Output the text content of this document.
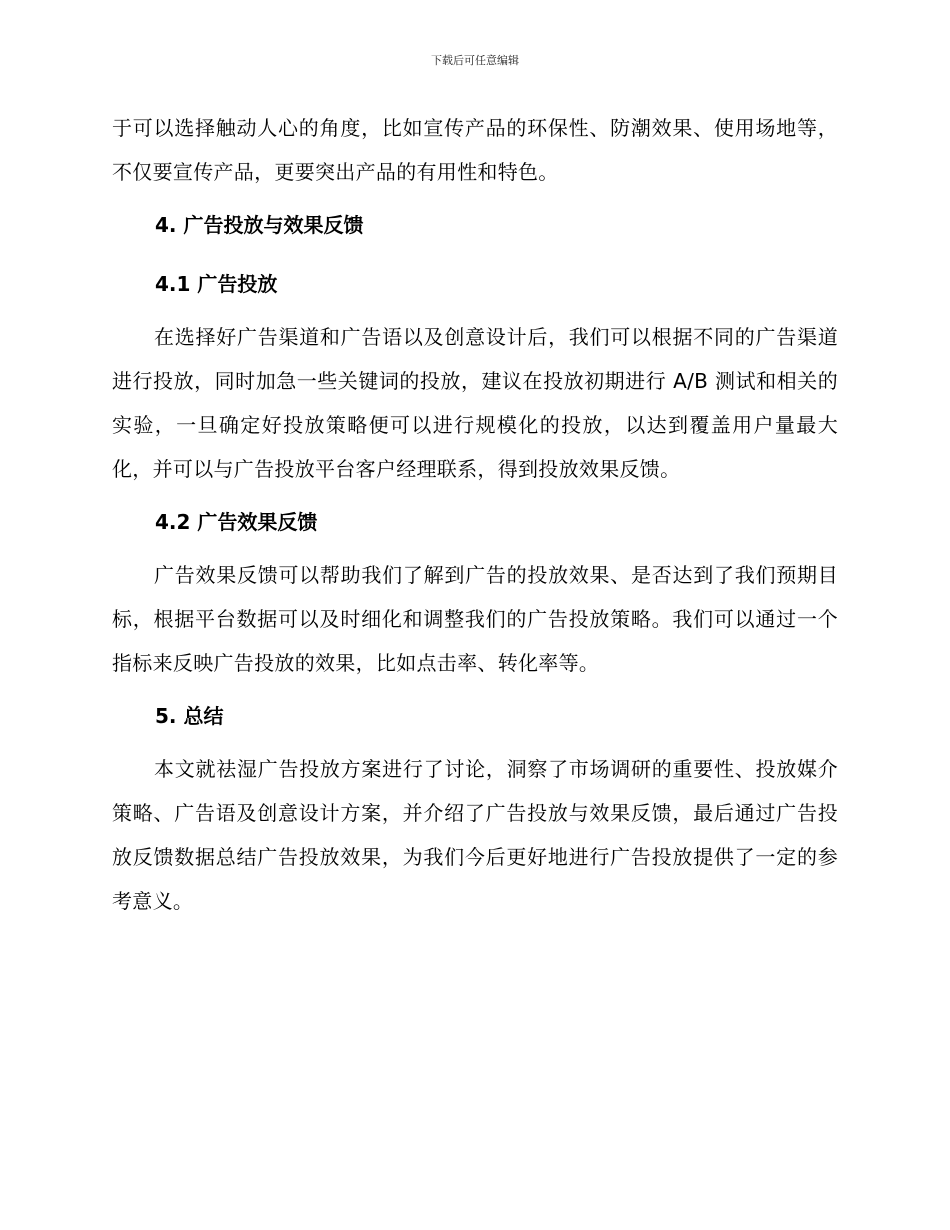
下载后可任意编辑

于可以选择触动人心的角度，比如宣传产品的环保性、防潮效果、使用场地等，不仅要宣传产品，更要突出产品的有用性和特色。

4. 广告投放与效果反馈
4.1 广告投放

在选择好广告渠道和广告语以及创意设计后，我们可以根据不同的广告渠道进行投放，同时加急一些关键词的投放，建议在投放初期进行 A/B 测试和相关的实验，一旦确定好投放策略便可以进行规模化的投放，以达到覆盖用户量最大化，并可以与广告投放平台客户经理联系，得到投放效果反馈。

4.2 广告效果反馈

广告效果反馈可以帮助我们了解到广告的投放效果、是否达到了我们预期目标，根据平台数据可以及时细化和调整我们的广告投放策略。我们可以通过一个指标来反映广告投放的效果，比如点击率、转化率等。

5. 总结

本文就祛湿广告投放方案进行了讨论，洞察了市场调研的重要性、投放媒介策略、广告语及创意设计方案，并介绍了广告投放与效果反馈，最后通过广告投放反馈数据总结广告投放效果，为我们今后更好地进行广告投放提供了一定的参考意义。
